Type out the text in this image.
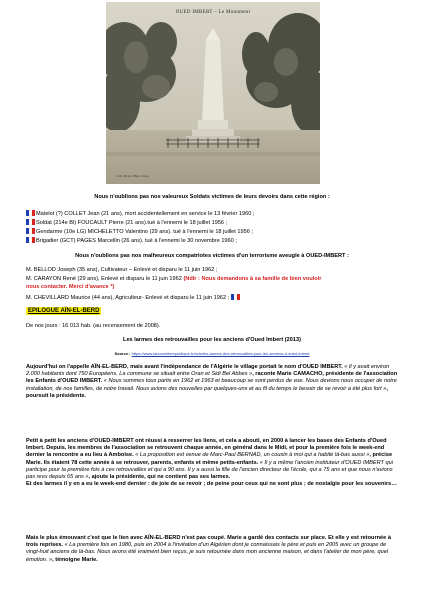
OUED IMBERT – Le Monument
Coll. Bosio Photo Oran
Nous n'oublions pas nos valeureux Soldats victimes de leurs devoirs dans cette région :
Matelot (?) COLLET Jean (21 ans), mort accidentellement en service le 13 février 1960 ;
Soldat (214e Bl) FOUCAULT Pierre (21 ans).tué à l'ennemi le 18 juillet 1956 ;
Gendarme (10e LG) MICHELETTO Valentino (29 ans). tué à l'ennemi le 18 juillet 1956 ;
Brigadier (GCT) PAGES Marcellin (26 ans). tué à l'ennemi le 30 novembre 1960 ;
Nous n'oublions pas nos malheureux compatriotes victimes d'un terrorisme aveugle à OUED-IMBERT :
M. BELLOD Joseph (35 ans), Cultivateur – Enlevé et disparu le 11 juin 1962 ;
M. CARAYON René (29 ans), Enlevé et disparu le 11 juin 1962 (Ndlr : Nous demandons à sa famille de bien vouloir
nous contacter. Merci d'avance *)
M. CHEVILLARD Maurice (44 ans), Agriculteur- Enlevé et disparu le 11 juin 1962 ;
EPILOGUE AÏN-EL-BERD
De nos jours : 16 013 hab. (au recensement de 2008).
Les larmes des retrouvailles pour les anciens d'Oued Imbert (2013)
Source : https://www.lanouvellerepublique.fr/actu/les-larmes-des-retrouvailles-pour-les-anciens-d-oued-imbert

Aujourd'hui on l'appelle AÏN-EL-BERD, mais avant l'indépendance de l'Algérie le village portait le nom d'OUED IMBERT. « Il y avait environ 2.000 habitants dont 750 Européens. La commune se situait entre Oran et Sidi Bel Abbes », raconte Marie CAMACHO, présidente de l'association les Enfants d'OUED IMBERT. « Nous sommes tous partis en 1962 et 1963 et beaucoup se sont perdus de vue. Nous devions nous occuper de notre installation, de nos familles, de notre travail. Nous avions des nouvelles par quelques-uns et au fil du temps le besoin de se revoir a été plus fort », poursuit la présidente.

Petit à petit les anciens d'OUED-IMBERT ont réussi à resserrer les liens, et cela a abouti, en 2000 à lancer les bases des Enfants d'Oued Imbert. Depuis, les membres de l'association se retrouvent chaque année, en général dans le Midi, et pour la première fois le week-end dernier la rencontre a eu lieu à Amboise. « La proposition est venue de Marc-Paul BERNAD, un cousin à moi qui a habité là-bas aussi », précise Marie. Ils étaient 78 cette année à se retrouver, parents, enfants et même petits-enfants. « Il y a même l'ancien instituteur d'OUED IMBERT qui participe pour la première fois à ces retrouvailles et qui a 90 ans. Il y a aussi la fille de l'ancien directeur de l'école, qui a 75 ans et que nous n'avions pas revu depuis 65 ans », ajoute la présidente, qui ne contient pas ses larmes.

Et des larmes il y en a eu le week-end dernier : de joie de se revoir ; de peine pour ceux qui ne sont plus ; de nostalgie pour les souvenirs…

Mais le plus émouvant c'est que le lien avec AÏN-EL-BERD n'est pas coupé. Marie a gardé des contacts sur place. Et elle y est retournée à trois reprises. « La première fois en 1980, puis en 2004 à l'invitation d'un Algérien dont je connaissais le père et puis en 2005 avec un groupe de vingt-huit anciens de là-bas. Nous avons été vraiment bien reçus, je suis retournée dans mon ancienne maison, et dans l'atelier de mon père, quel émotion. », témoigne Marie.
